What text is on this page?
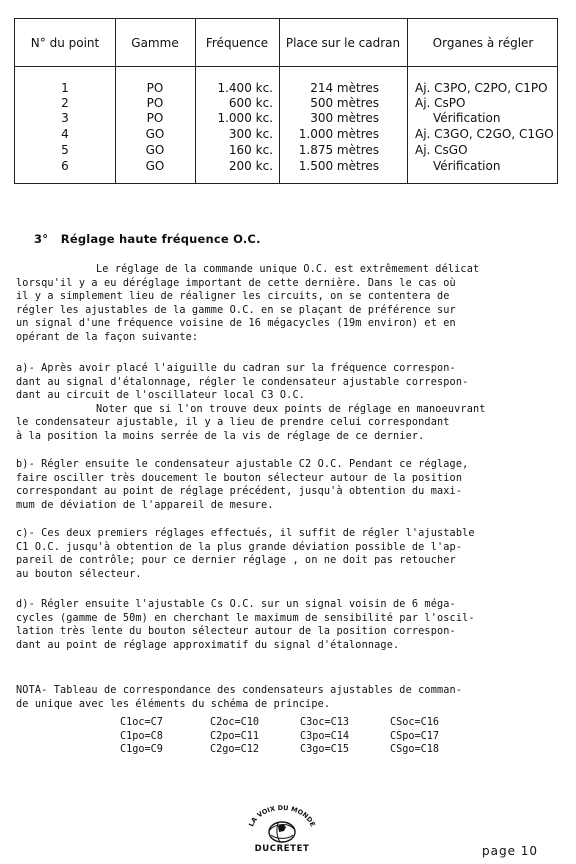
N° du point	Gamme	Fréquence	Place sur le cadran	Organes à régler
1	PO	1.400 kc.	214 mètres	Aj. C3PO, C2PO, C1PO
2	PO	600 kc.	500 mètres	Aj. CsPO
3	PO	1.000 kc.	300 mètres	Vérification
4	GO	300 kc.	1.000 mètres	Aj. C3GO, C2GO, C1GO
5	GO	160 kc.	1.875 mètres	Aj. CsGO
6	GO	200 kc.	1.500 mètres	Vérification
3° Réglage haute fréquence O.C.
Le réglage de la commande unique O.C. est extrêmement délicat
lorsqu'il y a eu déréglage important de cette dernière. Dans le cas où
il y a simplement lieu de réaligner les circuits, on se contentera de
régler les ajustables de la gamme O.C. en se plaçant de préférence sur
un signal d'une fréquence voisine de 16 mégacycles (19m environ) et en
opérant de la façon suivante:
a)- Après avoir placé l'aiguille du cadran sur la fréquence correspon-
dant au signal d'étalonnage, régler le condensateur ajustable correspon-
dant au circuit de l'oscillateur local C3 O.C.
Noter que si l'on trouve deux points de réglage en manoeuvrant
le condensateur ajustable, il y a lieu de prendre celui correspondant
à la position la moins serrée de la vis de réglage de ce dernier.
b)- Régler ensuite le condensateur ajustable C2 O.C. Pendant ce réglage,
faire osciller très doucement le bouton sélecteur autour de la position
correspondant au point de réglage précédent, jusqu'à obtention du maxi-
mum de déviation de l'appareil de mesure.
c)- Ces deux premiers réglages effectués, il suffit de régler l'ajustable
C1 O.C. jusqu'à obtention de la plus grande déviation possible de l'ap-
pareil de contrôle; pour ce dernier réglage , on ne doit pas retoucher
au bouton sélecteur.
d)- Régler ensuite l'ajustable Cs O.C. sur un signal voisin de 6 méga-
cycles (gamme de 50m) en cherchant le maximum de sensibilité par l'oscil-
lation très lente du bouton sélecteur autour de la position correspon-
dant au point de réglage approximatif du signal d'étalonnage.
NOTA- Tableau de correspondance des condensateurs ajustables de comman-
de unique avec les éléments du schéma de principe.
C1oc=C7	C2oc=C10	C3oc=C13	CSoc=C16
C1po=C8	C2po=C11	C3po=C14	CSpo=C17
C1go=C9	C2go=C12	C3go=C15	CSgo=C18
LA VOIX DU MONDE
DUCRETET	page 10
